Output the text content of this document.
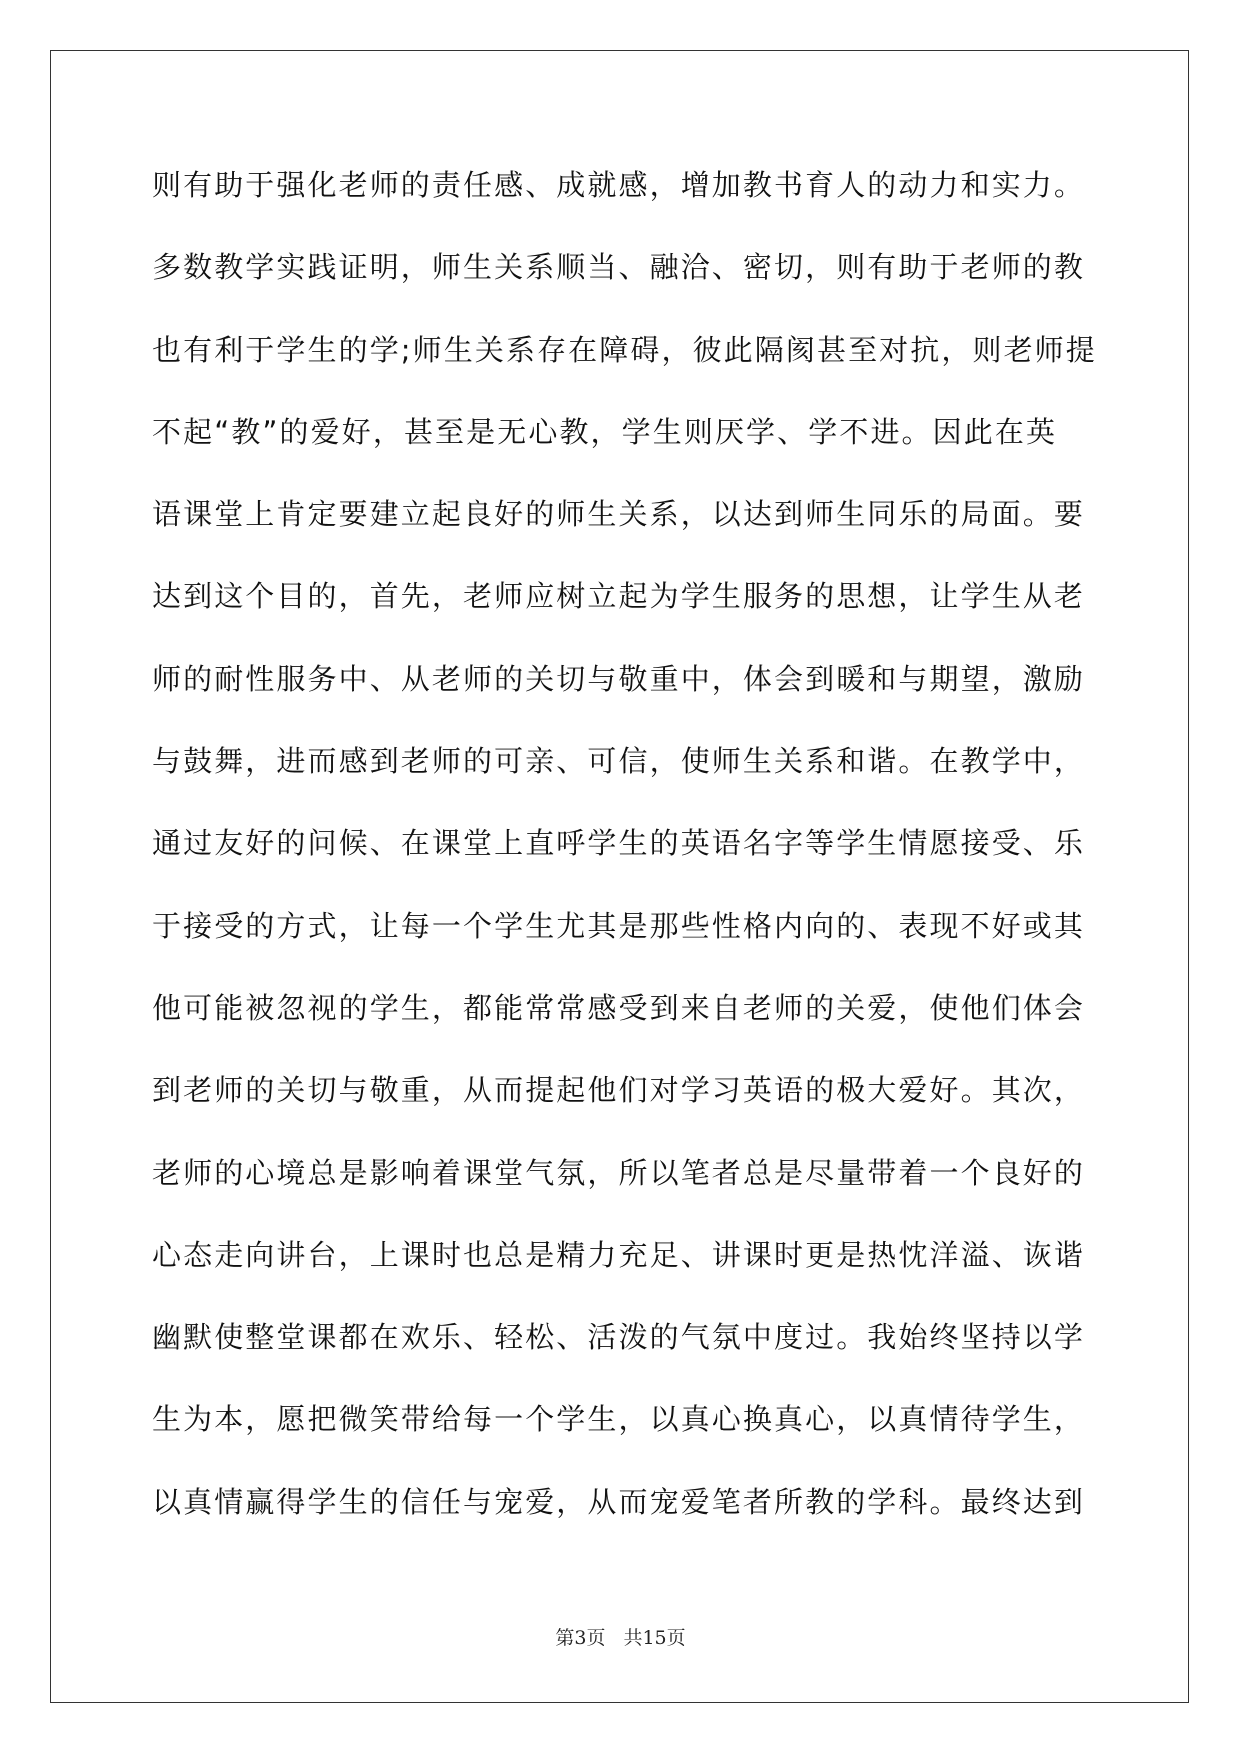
则有助于强化老师的责任感、成就感，增加教书育人的动力和实力。
多数教学实践证明，师生关系顺当、融洽、密切，则有助于老师的教
也有利于学生的学;师生关系存在障碍，彼此隔阂甚至对抗，则老师提
不起“教”的爱好，甚至是无心教，学生则厌学、学不进。因此在英
语课堂上肯定要建立起良好的师生关系，以达到师生同乐的局面。要
达到这个目的，首先，老师应树立起为学生服务的思想，让学生从老
师的耐性服务中、从老师的关切与敬重中，体会到暖和与期望，激励
与鼓舞，进而感到老师的可亲、可信，使师生关系和谐。在教学中，
通过友好的问候、在课堂上直呼学生的英语名字等学生情愿接受、乐
于接受的方式，让每一个学生尤其是那些性格内向的、表现不好或其
他可能被忽视的学生，都能常常感受到来自老师的关爱，使他们体会
到老师的关切与敬重，从而提起他们对学习英语的极大爱好。其次，
老师的心境总是影响着课堂气氛，所以笔者总是尽量带着一个良好的
心态走向讲台，上课时也总是精力充足、讲课时更是热忱洋溢、诙谐
幽默使整堂课都在欢乐、轻松、活泼的气氛中度过。我始终坚持以学
生为本，愿把微笑带给每一个学生，以真心换真心，以真情待学生，
以真情赢得学生的信任与宠爱，从而宠爱笔者所教的学科。最终达到
第3页 共15页
